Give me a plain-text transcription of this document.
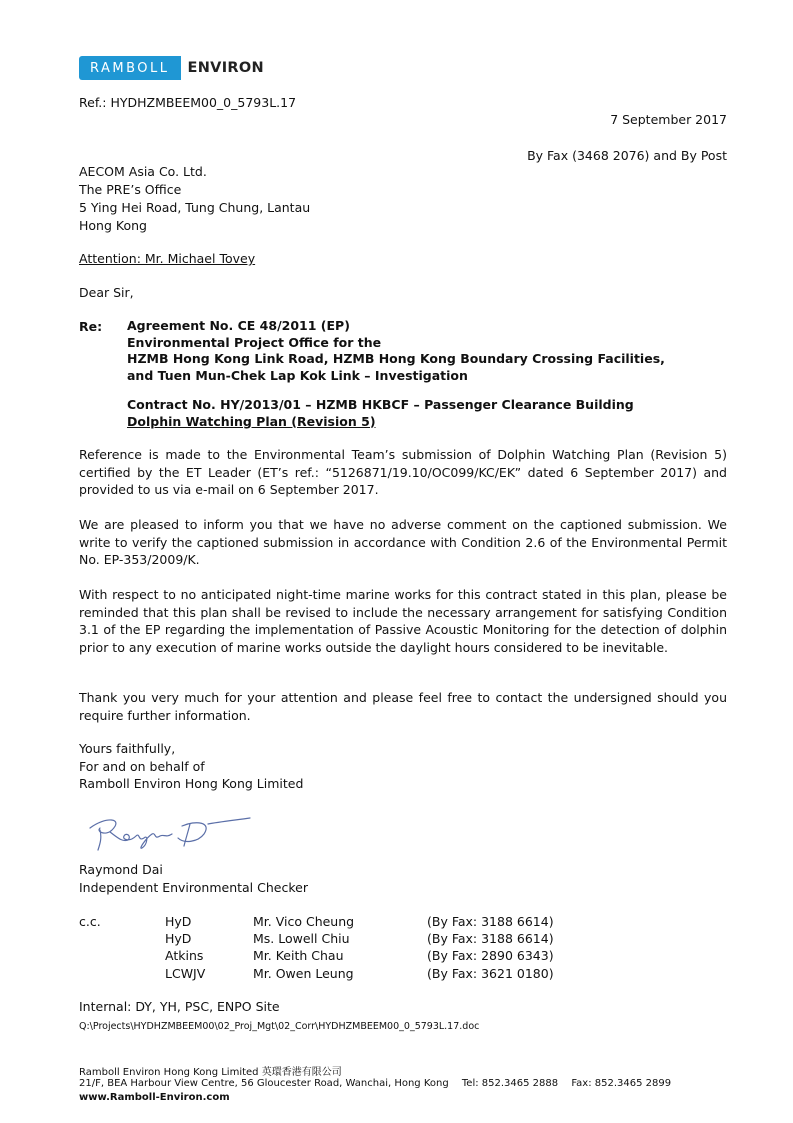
RAMBOLL	ENVIRON
Ref.: HYDHZMBEEM00_0_5793L.17
7 September 2017
By Fax (3468 2076) and By Post
AECOM Asia Co. Ltd.
The PRE’s Office
5 Ying Hei Road, Tung Chung, Lantau
Hong Kong
Attention: Mr. Michael Tovey
Dear Sir,
Re: Agreement No. CE 48/2011 (EP)
Environmental Project Office for the
HZMB Hong Kong Link Road, HZMB Hong Kong Boundary Crossing Facilities,
and Tuen Mun-Chek Lap Kok Link – Investigation
Contract No. HY/2013/01 – HZMB HKBCF – Passenger Clearance Building
Dolphin Watching Plan (Revision 5)
Reference is made to the Environmental Team’s submission of Dolphin Watching Plan (Revision 5) certified by the ET Leader (ET’s ref.: “5126871/19.10/OC099/KC/EK” dated 6 September 2017) and provided to us via e-mail on 6 September 2017.
We are pleased to inform you that we have no adverse comment on the captioned submission. We write to verify the captioned submission in accordance with Condition 2.6 of the Environmental Permit No. EP-353/2009/K.
With respect to no anticipated night-time marine works for this contract stated in this plan, please be reminded that this plan shall be revised to include the necessary arrangement for satisfying Condition 3.1 of the EP regarding the implementation of Passive Acoustic Monitoring for the detection of dolphin prior to any execution of marine works outside the daylight hours considered to be inevitable.
Thank you very much for your attention and please feel free to contact the undersigned should you require further information.
Yours faithfully,
For and on behalf of
Ramboll Environ Hong Kong Limited
Raymond Dai
Independent Environmental Checker
c.c.	HyD	Mr. Vico Cheung	(By Fax: 3188 6614)
HyD	Ms. Lowell Chiu	(By Fax: 3188 6614)
Atkins	Mr. Keith Chau	(By Fax: 2890 6343)
LCWJV	Mr. Owen Leung	(By Fax: 3621 0180)
Internal: DY, YH, PSC, ENPO Site
Q:\Projects\HYDHZMBEEM00\02_Proj_Mgt\02_Corr\HYDHZMBEEM00_0_5793L.17.doc
Ramboll Environ Hong Kong Limited 英環香港有限公司
21/F, BEA Harbour View Centre, 56 Gloucester Road, Wanchai, Hong Kong Tel: 852.3465 2888 Fax: 852.3465 2899
www.Ramboll-Environ.com
